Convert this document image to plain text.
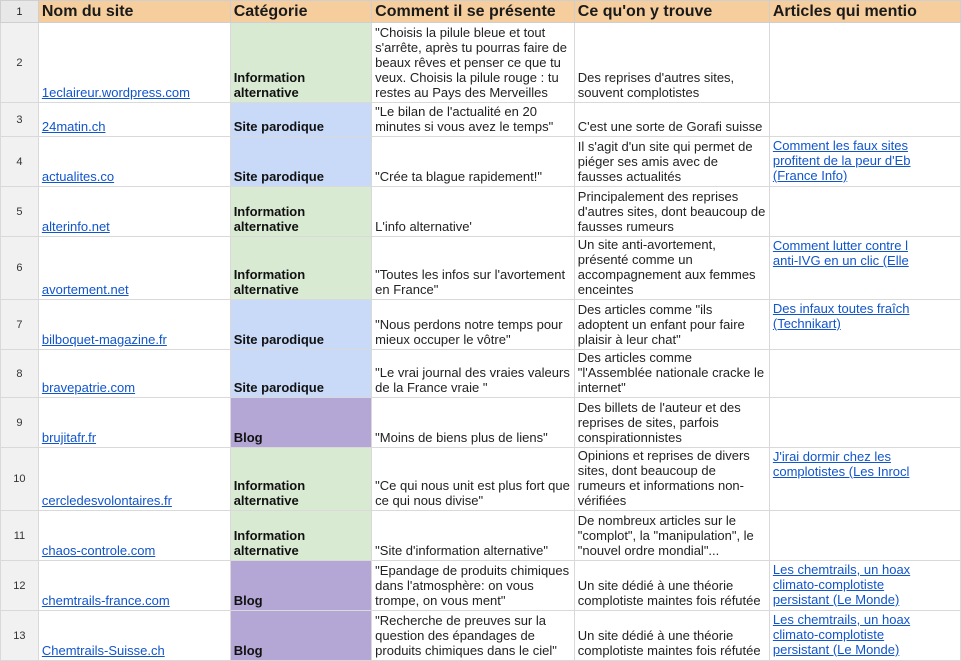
1	Nom du site	Catégorie	Comment il se présente	Ce qu'on y trouve	Articles qui mentio
2	1eclaireur.wordpress.com	Information alternative	"Choisis la pilule bleue et tout s'arrête, après tu pourras faire de beaux rêves et penser ce que tu veux. Choisis la pilule rouge : tu restes au Pays des Merveilles	Des reprises d'autres sites, souvent complotistes	

3	24matin.ch	Site parodique	"Le bilan de l'actualité en 20 minutes si vous avez le temps"	C'est une sorte de Gorafi suisse	

4	actualites.co	Site parodique	"Crée ta blague rapidement!"	Il s'agit d'un site qui permet de piéger ses amis avec de fausses actualités	Comment les faux sites
profitent de la peur d'Eb
(France Info)
5	alterinfo.net	Information alternative	L'info alternative'	Principalement des reprises d'autres sites, dont beaucoup de fausses rumeurs	

6	avortement.net	Information alternative	"Toutes les infos sur l'avortement en France"	Un site anti-avortement, présenté comme un accompagnement aux femmes enceintes	Comment lutter contre l
anti-IVG en un clic (Elle

7	bilboquet-magazine.fr	Site parodique	"Nous perdons notre temps pour mieux occuper le vôtre"	Des articles comme "ils adoptent un enfant pour faire plaisir à leur chat"	Des infaux toutes fraîch
(Technikart)

8	bravepatrie.com	Site parodique	"Le vrai journal des vraies valeurs de la France vraie "	Des articles comme "l'Assemblée nationale cracke le internet"	

9	brujitafr.fr	Blog	"Moins de biens plus de liens"	Des billets de l'auteur et des reprises de sites, parfois conspirationnistes	

10	cercledesvolontaires.fr	Information alternative	"Ce qui nous unit est plus fort que ce qui nous divise"	Opinions et reprises de divers sites, dont beaucoup de rumeurs et informations non-vérifiées	J'irai dormir chez les
complotistes (Les Inrocl

11	chaos-controle.com	Information alternative	"Site d'information alternative"	De nombreux articles sur le "complot", la "manipulation", le "nouvel ordre mondial"...	

12	chemtrails-france.com	Blog	"Epandage de produits chimiques dans l'atmosphère: on vous trompe, on vous ment"	Un site dédié à une théorie complotiste maintes fois réfutée	Les chemtrails, un hoax
climato-complotiste
persistant (Le Monde)
13	Chemtrails-Suisse.ch	Blog	"Recherche de preuves sur la question des épandages de produits chimiques dans le ciel"	Un site dédié à une théorie complotiste maintes fois réfutée	Les chemtrails, un hoax
climato-complotiste
persistant (Le Monde)
